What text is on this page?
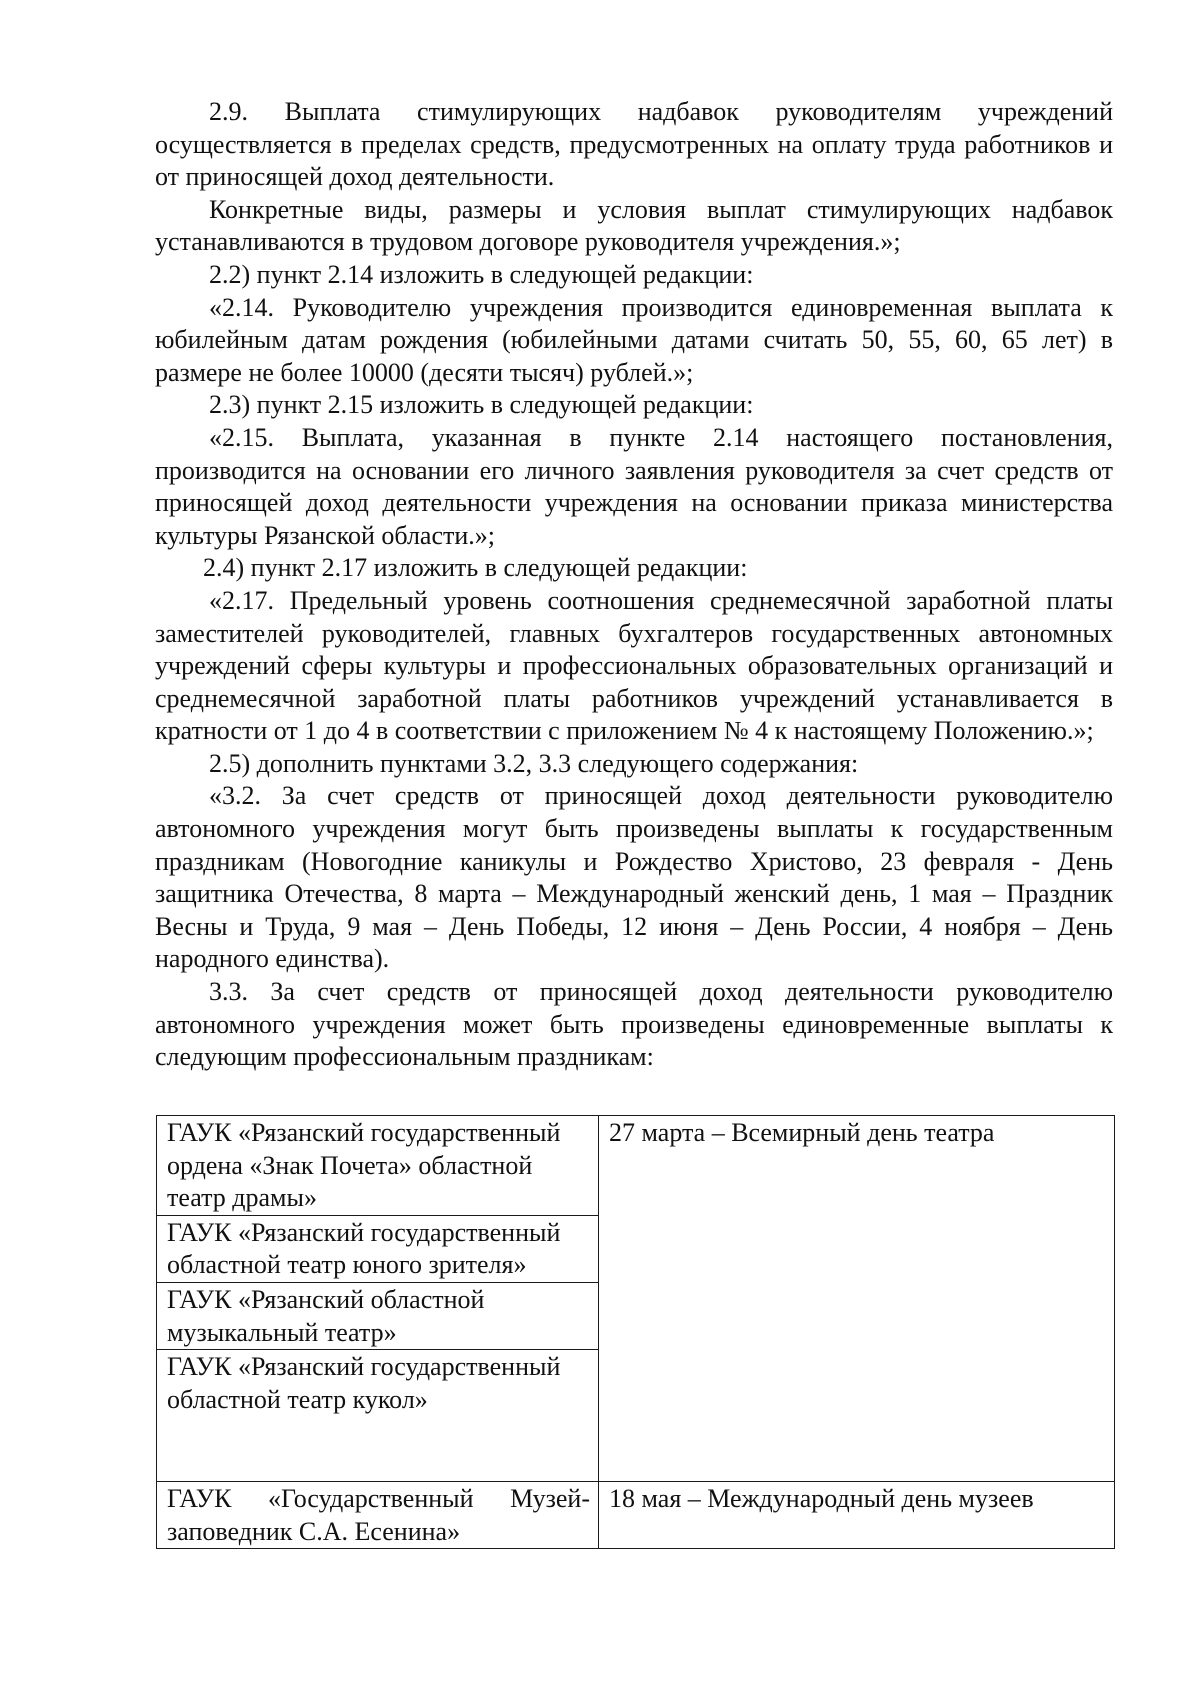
2.9. Выплата стимулирующих надбавок руководителям учреждений осуществляется в пределах средств, предусмотренных на оплату труда работников и от приносящей доход деятельности.

Конкретные виды, размеры и условия выплат стимулирующих надбавок устанавливаются в трудовом договоре руководителя учреждения.»;

2.2) пункт 2.14 изложить в следующей редакции:

«2.14. Руководителю учреждения производится единовременная выплата к юбилейным датам рождения (юбилейными датами считать 50, 55, 60, 65 лет) в размере не более 10000 (десяти тысяч) рублей.»;

2.3) пункт 2.15 изложить в следующей редакции:

«2.15. Выплата, указанная в пункте 2.14 настоящего постановления, производится на основании его личного заявления руководителя за счет средств от приносящей доход деятельности учреждения на основании приказа министерства культуры Рязанской области.»;

2.4) пункт 2.17 изложить в следующей редакции:

«2.17. Предельный уровень соотношения среднемесячной заработной платы заместителей руководителей, главных бухгалтеров государственных автономных учреждений сферы культуры и профессиональных образовательных организаций и среднемесячной заработной платы работников учреждений устанавливается в кратности от 1 до 4 в соответствии с приложением № 4 к настоящему Положению.»;

2.5) дополнить пунктами 3.2, 3.3 следующего содержания:

«3.2. За счет средств от приносящей доход деятельности руководителю автономного учреждения могут быть произведены выплаты к государственным праздникам (Новогодние каникулы и Рождество Христово, 23 февраля - День защитника Отечества, 8 марта – Международный женский день, 1 мая – Праздник Весны и Труда, 9 мая – День Победы, 12 июня – День России, 4 ноября – День народного единства).

3.3. За счет средств от приносящей доход деятельности руководителю автономного учреждения может быть произведены единовременные выплаты к следующим профессиональным праздникам:

ГАУК «Рязанский государственный ордена «Знак Почета» областной театр драмы»	27 марта – Всемирный день театра
ГАУК «Рязанский государственный областной театр юного зрителя»	
ГАУК «Рязанский областной музыкальный театр»	
ГАУК «Рязанский государственный областной театр кукол»	
ГАУК «Государственный Музей-заповедник С.А. Есенина»	18 мая – Международный день музеев
